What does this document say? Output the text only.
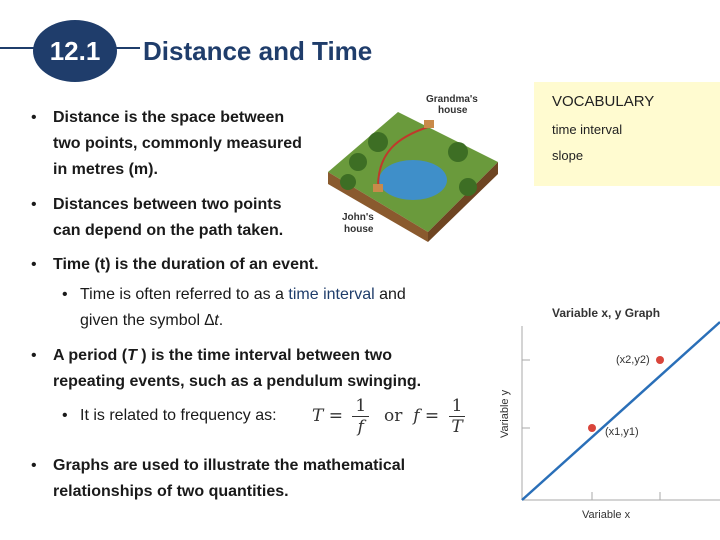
12.1 Distance and Time
VOCABULARY
time interval
slope
• Distance is the space between
two points, commonly measured
in metres (m).
• Distances between two points
can depend on the path taken.
• Time (t) is the duration of an event.
• Time is often referred to as a time interval and
given the symbol ∆t.
• A period (T ) is the time interval between two
repeating events, such as a pendulum swinging.
• It is related to frequency as: $T = \frac{1}{f}$ or $f = \frac{1}{T}$
• Graphs are used to illustrate the mathematical
relationships of two quantities.
Grandma's
house
John's
house
Variable x, y Graph
Variable y	(x1,y1)
(x2,y2)
Variable x
